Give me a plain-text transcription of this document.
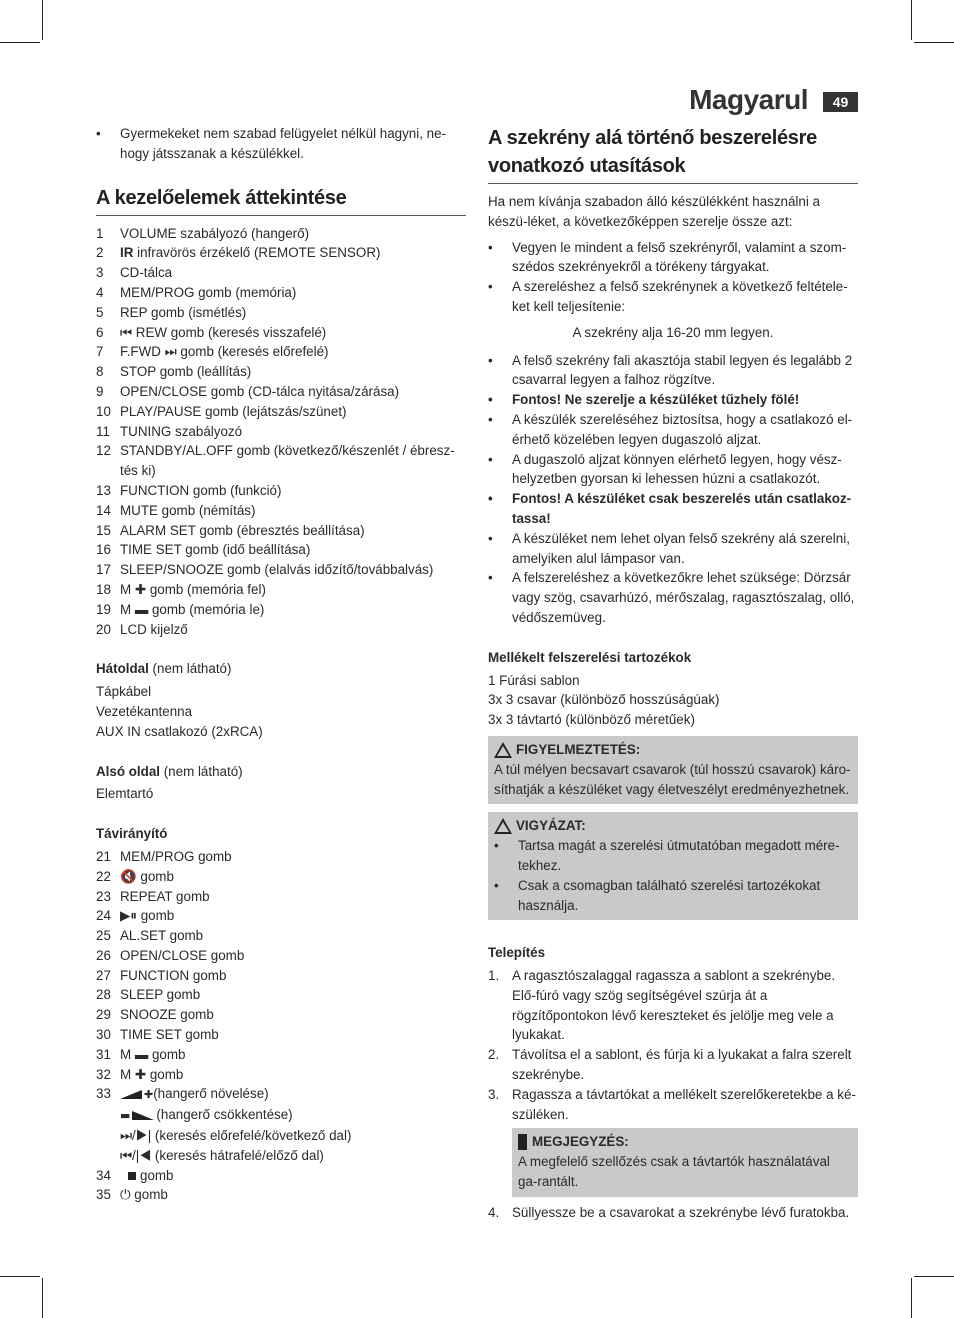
Magyarul	49
• Gyermekeket nem szabad felügyelet nélkül hagyni, ne-hogy játsszanak a készülékkel.
A kezelőelemek áttekintése
1	VOLUME szabályozó (hangerő)
2	IR infravörös érzékelő (REMOTE SENSOR)
3	CD-tálca
4	MEM/PROG gomb (memória)
5	REP gomb (ismétlés)
6	⏮ REW gomb (keresés visszafelé)
7	F.FWD ⏭ gomb (keresés előrefelé)
8	STOP gomb (leállítás)
9	OPEN/CLOSE gomb (CD-tálca nyitása/zárása)
10 PLAY/PAUSE gomb (lejátszás/szünet)
11 TUNING szabályozó
12 STANDBY/AL.OFF gomb (következő/készenlét / ébresz-tés ki)
13 FUNCTION gomb (funkció)
14 MUTE gomb (némítás)
15 ALARM SET gomb (ébresztés beállítása)
16 TIME SET gomb (idő beállítása)
17 SLEEP/SNOOZE gomb (elalvás időzítő/továbbalvás)
18 M ✚ gomb (memória fel)
19 M ▬ gomb (memória le)
20 LCD kijelző
Hátoldal (nem látható)
Tápkábel
Vezetékantenna
AUX IN csatlakozó (2xRCA)
Alsó oldal (nem látható)
Elemtartó
Távirányító
21 MEM/PROG gomb
22 🔇 gomb
23 REPEAT gomb
24 ▶⏸ gomb
25 AL.SET gomb
26 OPEN/CLOSE gomb
27 FUNCTION gomb
28 SLEEP gomb
29 SNOOZE gomb
30 TIME SET gomb
31 M ▬ gomb
32 M ✚ gomb
33	✚(hangerő növelése)
▬ (hangerő csökkentése)
⏭/▶| (keresés előrefelé/következő dal)
⏮/|◀ (keresés hátrafelé/előző dal)
34	gomb
35 ⏻ gomb
A szekrény alá történő beszerelésre vonatkozó utasítások
Ha nem kívánja szabadon álló készülékként használni a készü-léket, a következőképpen szerelje össze azt:
• Vegyen le mindent a felső szekrényről, valamint a szom-szédos szekrényekről a törékeny tárgyakat.
• A szereléshez a felső szekrénynek a következő feltétele-ket kell teljesítenie:
A szekrény alja 16-20 mm legyen.
• A felső szekrény fali akasztója stabil legyen és legalább 2 csavarral legyen a falhoz rögzítve.
• Fontos! Ne szerelje a készüléket tűzhely fölé!
• A készülék szereléséhez biztosítsa, hogy a csatlakozó el-érhető közelében legyen dugaszoló aljzat.
• A dugaszoló aljzat könnyen elérhető legyen, hogy vész-helyzetben gyorsan ki lehessen húzni a csatlakozót.
• Fontos! A készüléket csak beszerelés után csatlakoz-tassa!
• A készüléket nem lehet olyan felső szekrény alá szerelni, amelyiken alul lámpasor van.
• A felszereléshez a következőkre lehet szüksége: Dörzsár vagy szög, csavarhúzó, mérőszalag, ragasztószalag, olló, védőszemüveg.
Mellékelt felszerelési tartozékok
1 Fúrási sablon
3x 3 csavar (különböző hosszúságúak)
3x 3 távtartó (különböző méretűek)
FIGYELMEZTETÉS:
A túl mélyen becsavart csavarok (túl hosszú csavarok) káro-síthatják a készüléket vagy életveszélyt eredményezhetnek.
VIGYÁZAT:
• Tartsa magát a szerelési útmutatóban megadott mére-tekhez.
• Csak a csomagban található szerelési tartozékokat használja.
Telepítés
1. A ragasztószalaggal ragassza a sablont a szekrénybe. Elő-fúró vagy szög segítségével szúrja át a rögzítőpontokon lévő kereszteket és jelölje meg vele a lyukakat.
2. Távolítsa el a sablont, és fúrja ki a lyukakat a falra szerelt szekrénybe.
3. Ragassza a távtartókat a mellékelt szerelőkeretekbe a ké-szüléken.
MEGJEGYZÉS:
A megfelelő szellőzés csak a távtartók használatával ga-rantált.
4. Süllyessze be a csavarokat a szekrénybe lévő furatokba.
